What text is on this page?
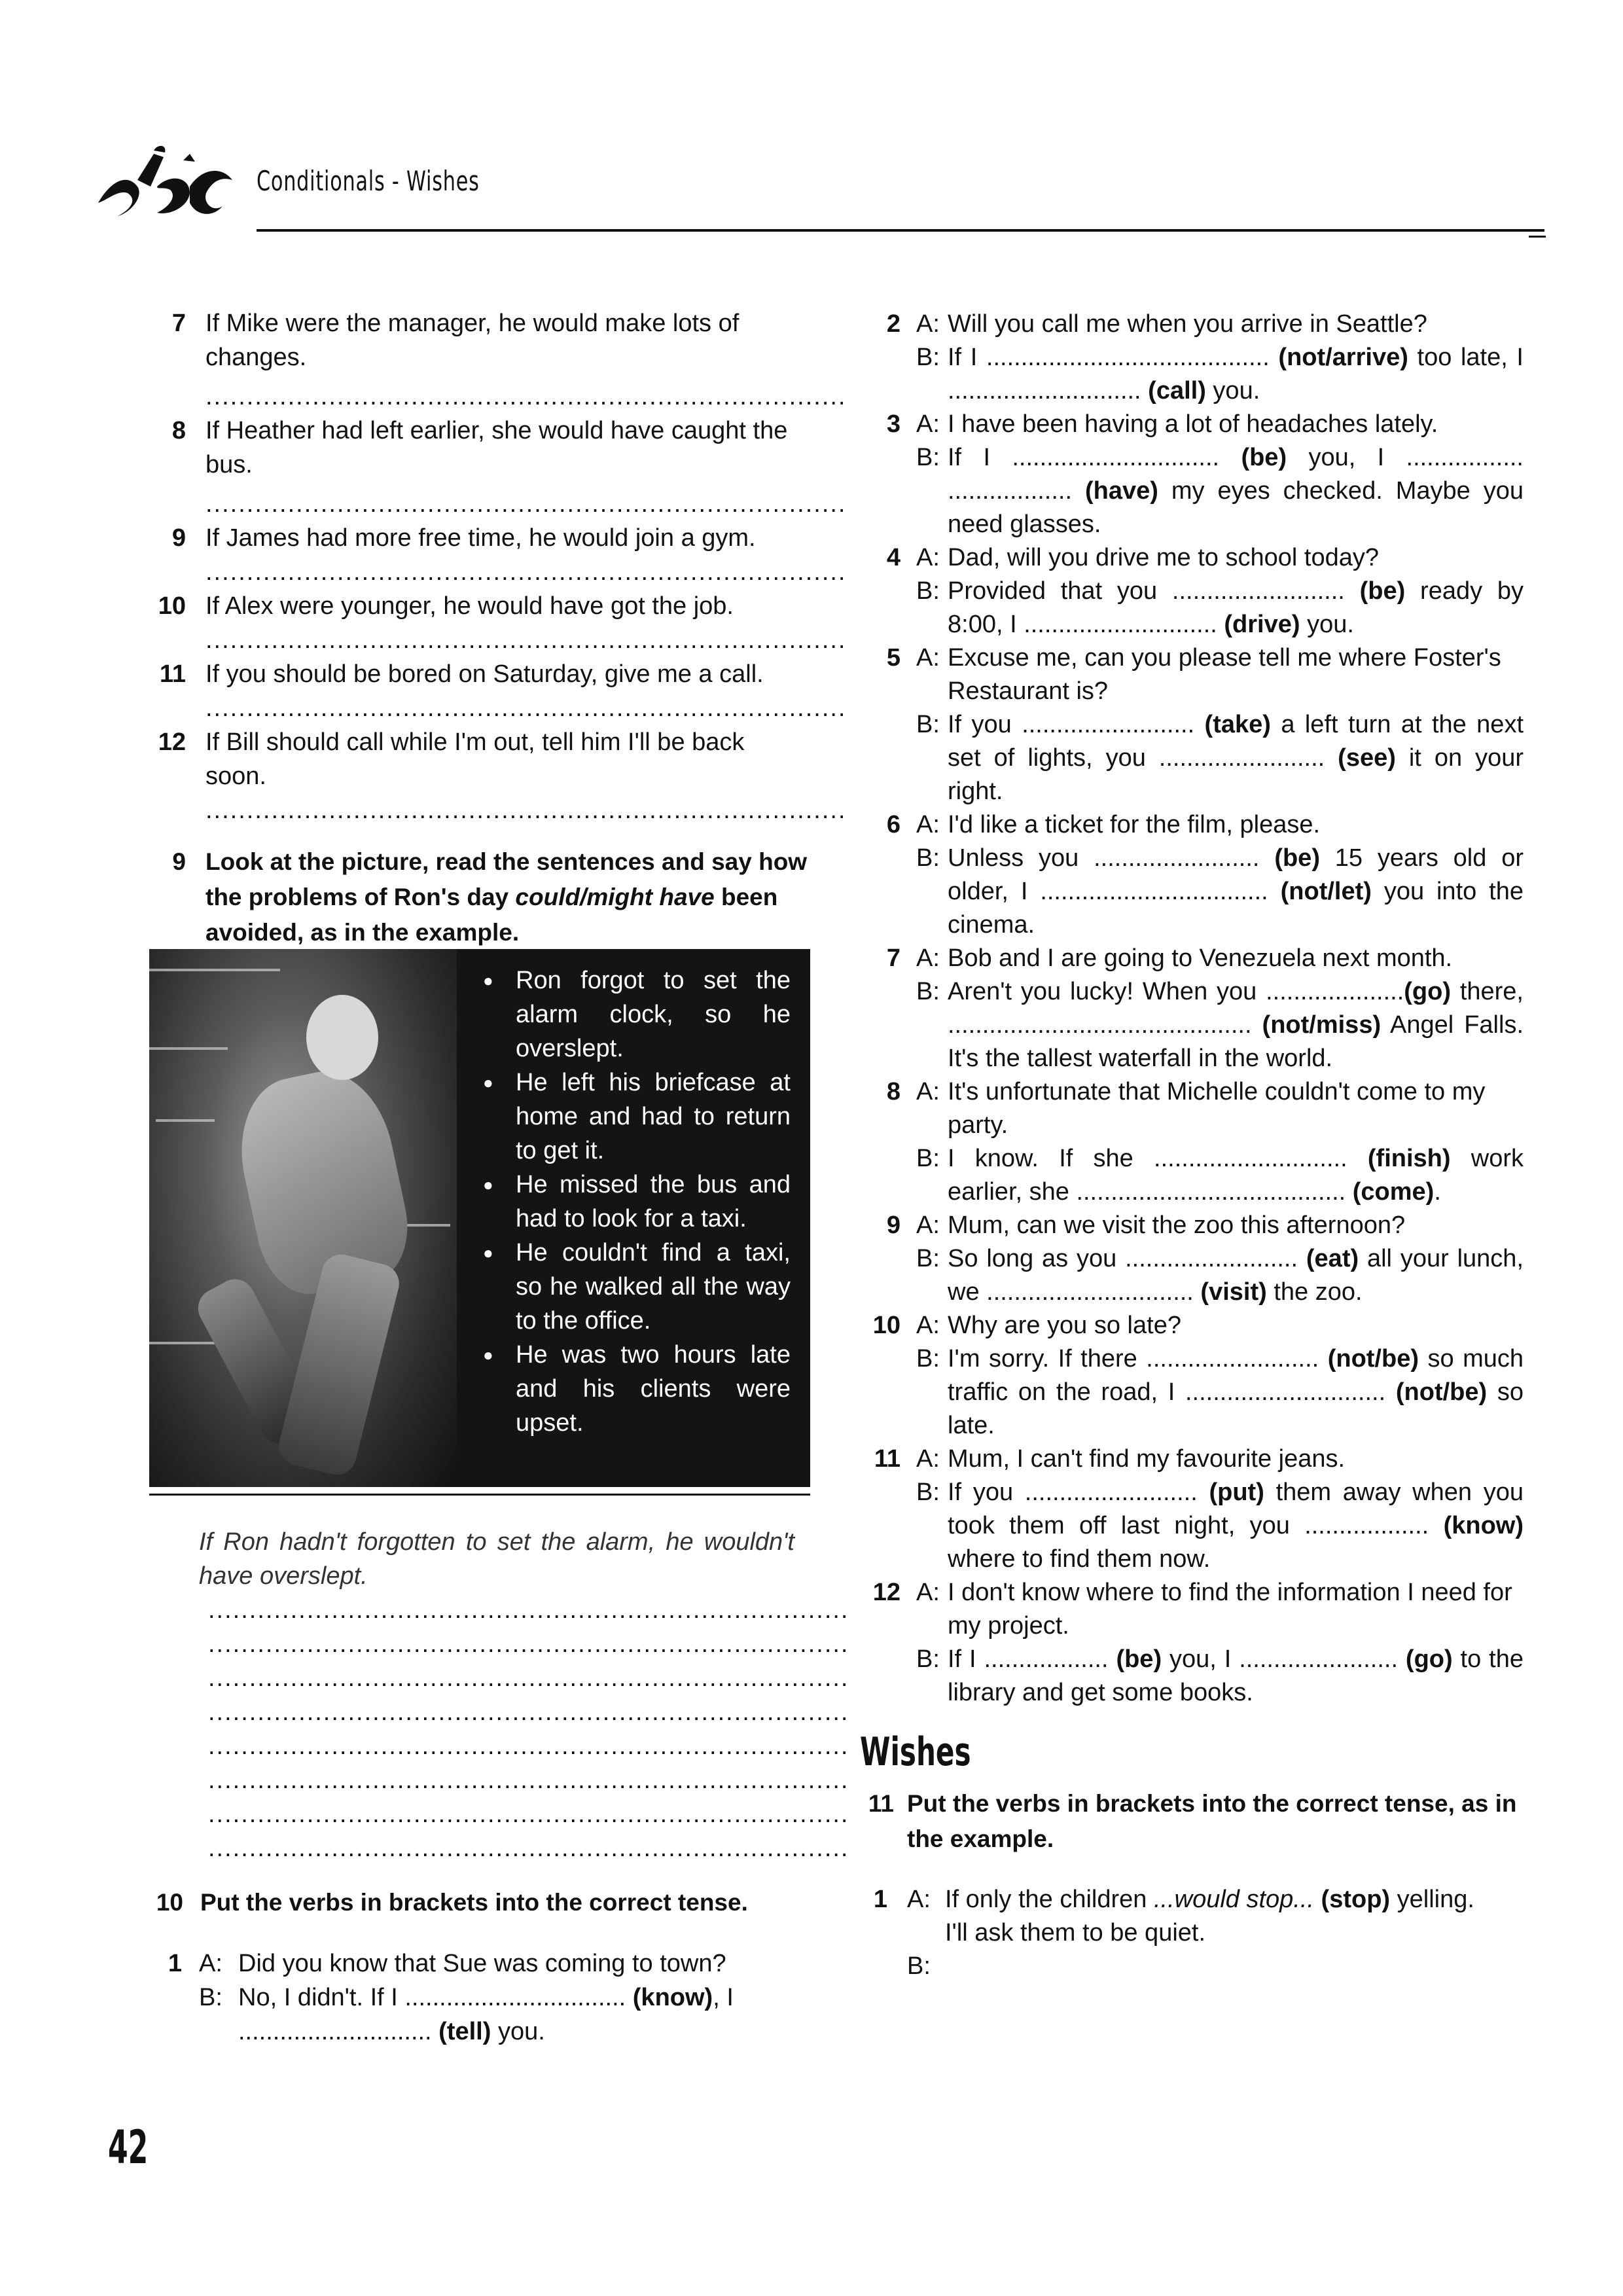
Conditionals - Wishes
7 If Mike were the manager, he would make lots of changes.
..............................................................................
8 If Heather had left earlier, she would have caught the bus.
..............................................................................
9 If James had more free time, he would join a gym.
..............................................................................
10 If Alex were younger, he would have got the job.
..............................................................................
11 If you should be bored on Saturday, give me a call.
..............................................................................
12 If Bill should call while I'm out, tell him I'll be back soon.
..............................................................................
9 Look at the picture, read the sentences and say how the problems of Ron's day could/might have been avoided, as in the example.
● Ron forgot to set the alarm clock, so he overslept.
● He left his briefcase at home and had to return to get it.
● He missed the bus and had to look for a taxi.
● He couldn't find a taxi, so he walked all the way to the office.
● He was two hours late and his clients were upset.
If Ron hadn't forgotten to set the alarm, he wouldn't have overslept.
..............................................................................
..............................................................................
..............................................................................
..............................................................................
..............................................................................
..............................................................................
..............................................................................
..............................................................................
10 Put the verbs in brackets into the correct tense.
1 A: Did you know that Sue was coming to town?
B: No, I didn't. If I ................................ (know), I
............................ (tell) you.
2 A: Will you call me when you arrive in Seattle?
B: If I ......................................... (not/arrive) too late, I ............................ (call) you.
3 A: I have been having a lot of headaches lately.
B: If I .............................. (be) you, I ................. .................. (have) my eyes checked. Maybe you need glasses.
4 A: Dad, will you drive me to school today?
B: Provided that you ......................... (be) ready by 8:00, I ............................ (drive) you.
5 A: Excuse me, can you please tell me where Foster's Restaurant is?
B: If you ......................... (take) a left turn at the next set of lights, you ........................ (see) it on your right.
6 A: I'd like a ticket for the film, please.
B: Unless you ........................ (be) 15 years old or older, I ................................. (not/let) you into the cinema.
7 A: Bob and I are going to Venezuela next month.
B: Aren't you lucky! When you ....................(go) there, ............................................ (not/miss) Angel Falls. It's the tallest waterfall in the world.
8 A: It's unfortunate that Michelle couldn't come to my party.
B: I know. If she ............................ (finish) work earlier, she ....................................... (come).
9 A: Mum, can we visit the zoo this afternoon?
B: So long as you ......................... (eat) all your lunch, we .............................. (visit) the zoo.
10 A: Why are you so late?
B: I'm sorry. If there ......................... (not/be) so much traffic on the road, I ............................. (not/be) so late.
11 A: Mum, I can't find my favourite jeans.
B: If you ......................... (put) them away when you took them off last night, you .................. (know) where to find them now.
12 A: I don't know where to find the information I need for my project.
B: If I .................. (be) you, I ....................... (go) to the library and get some books.
Wishes
11 Put the verbs in brackets into the correct tense, as in the example.
1 A: If only the children ...would stop... (stop) yelling.
B:
I'll ask them to be quiet.
42
